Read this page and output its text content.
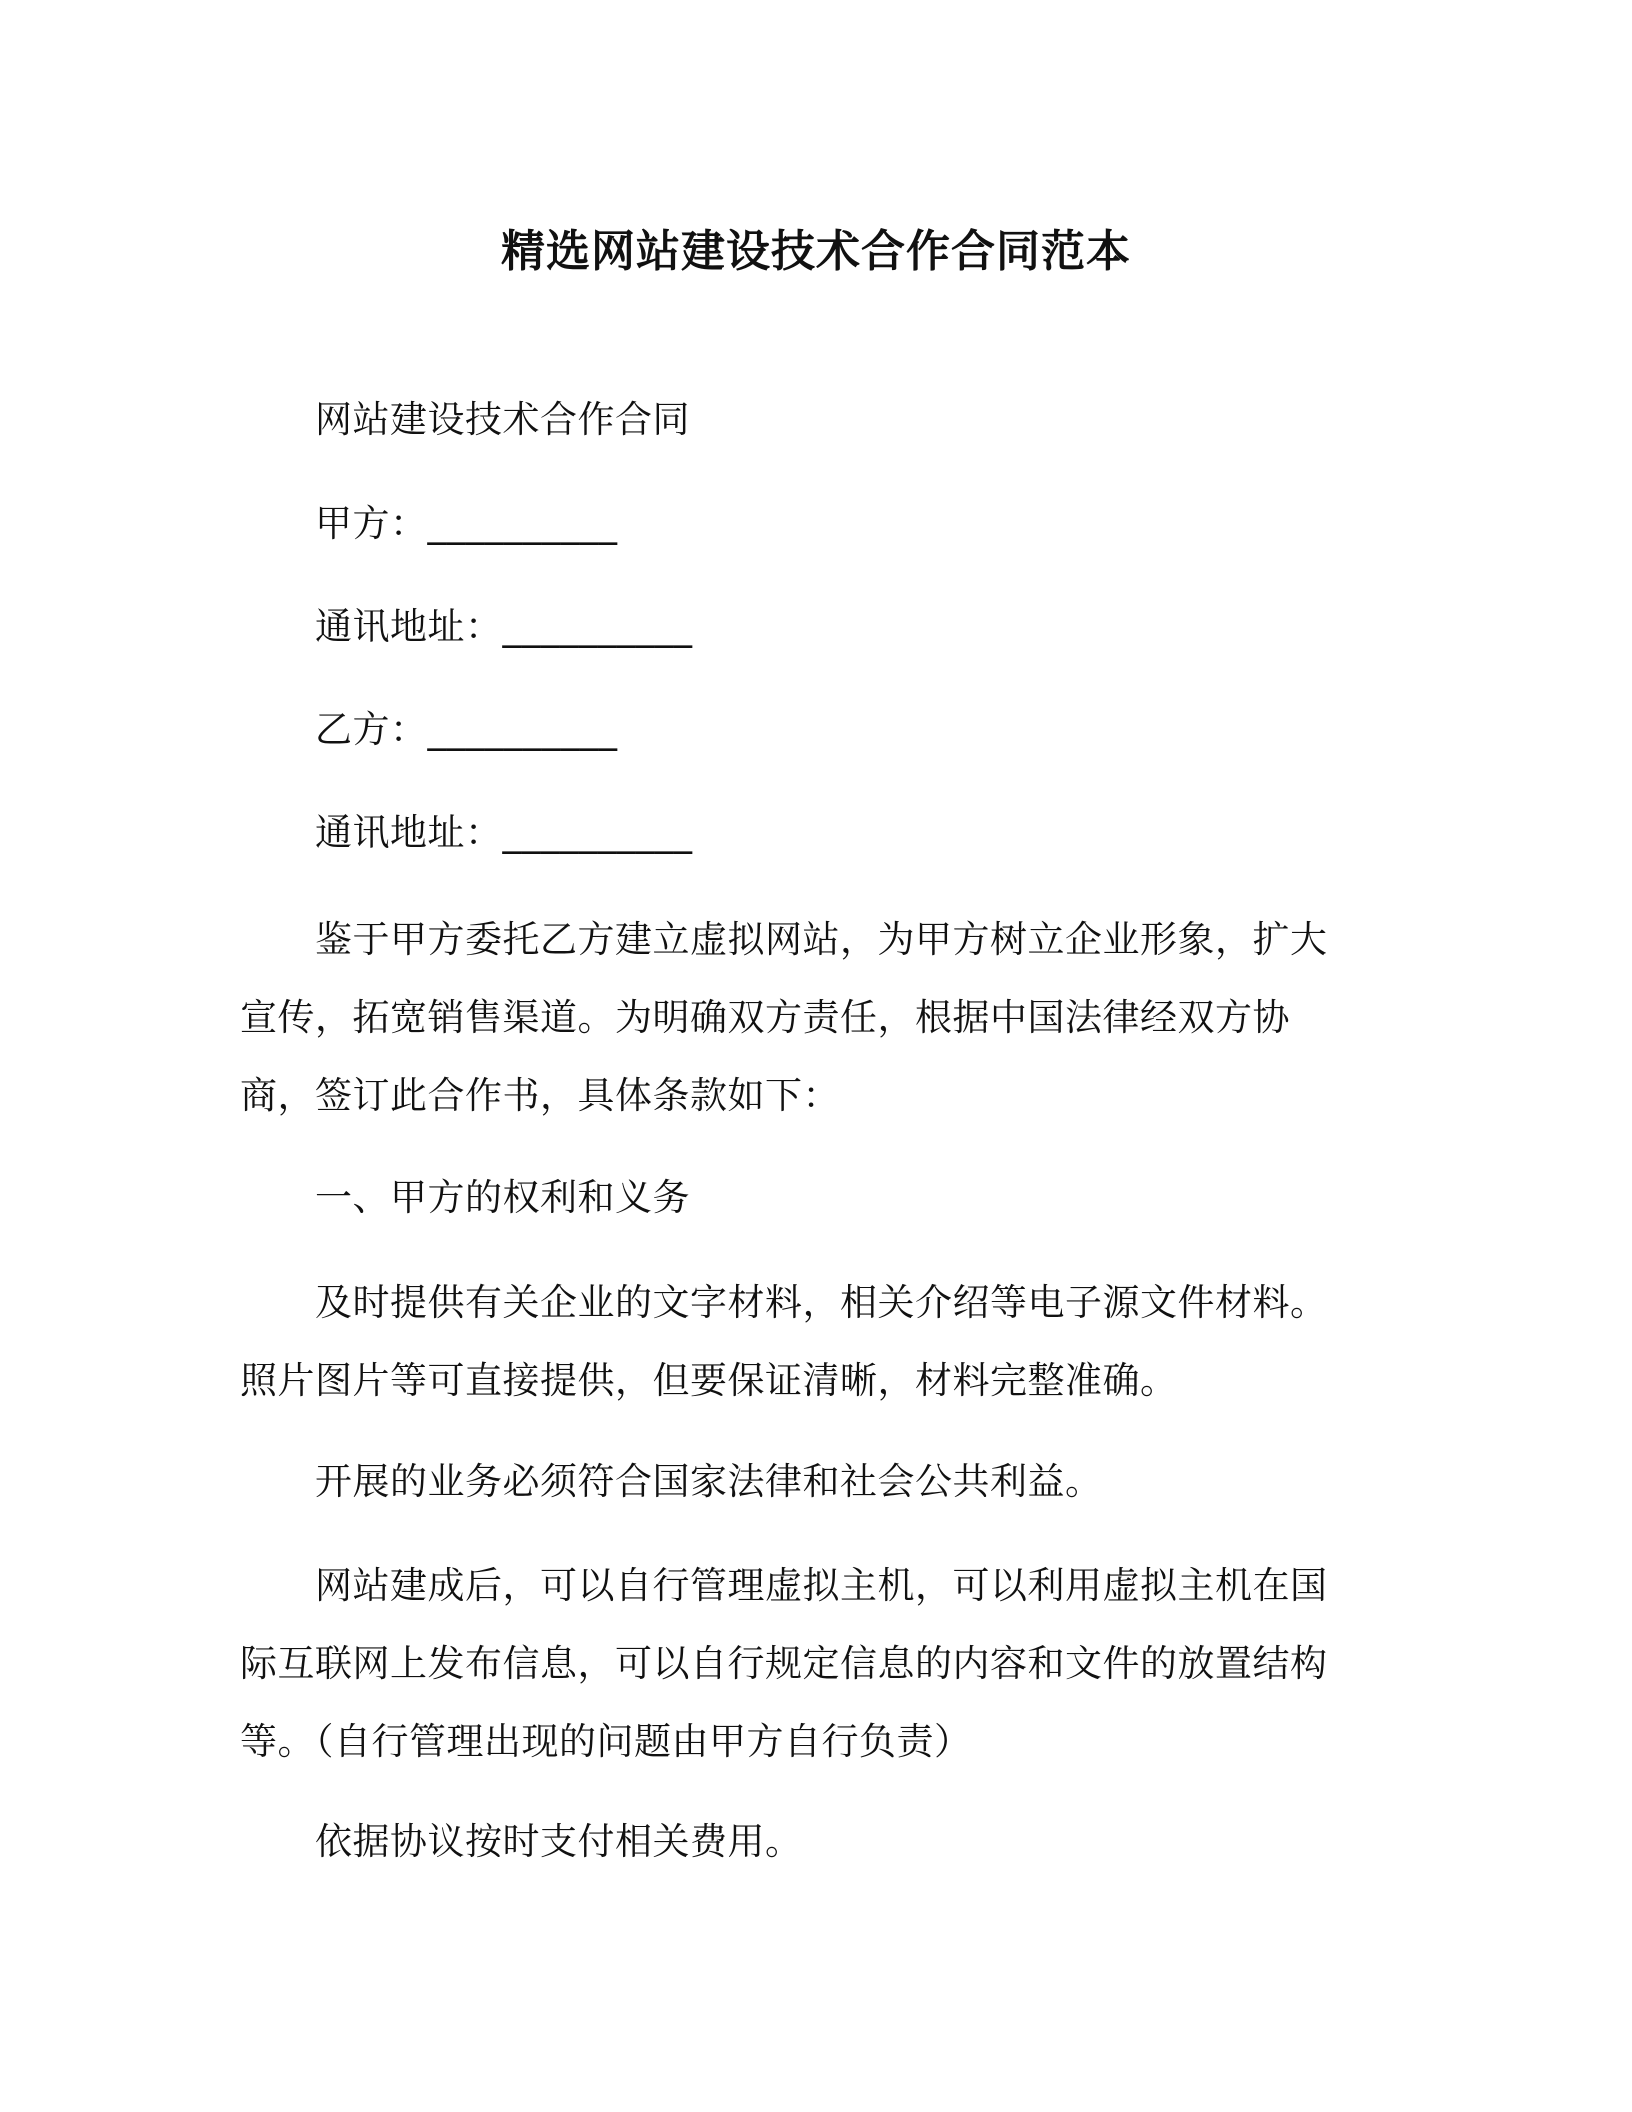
精选网站建设技术合作合同范本

网站建设技术合作合同

甲方：__________

通讯地址：__________

乙方：__________

通讯地址：__________

鉴于甲方委托乙方建立虚拟网站，为甲方树立企业形象，扩大宣传，拓宽销售渠道。为明确双方责任，根据中国法律经双方协商，签订此合作书，具体条款如下：

一、甲方的权利和义务

及时提供有关企业的文字材料，相关介绍等电子源文件材料。照片图片等可直接提供，但要保证清晰，材料完整准确。

开展的业务必须符合国家法律和社会公共利益。

网站建成后，可以自行管理虚拟主机，可以利用虚拟主机在国际互联网上发布信息，可以自行规定信息的内容和文件的放置结构等。（自行管理出现的问题由甲方自行负责）

依据协议按时支付相关费用。
